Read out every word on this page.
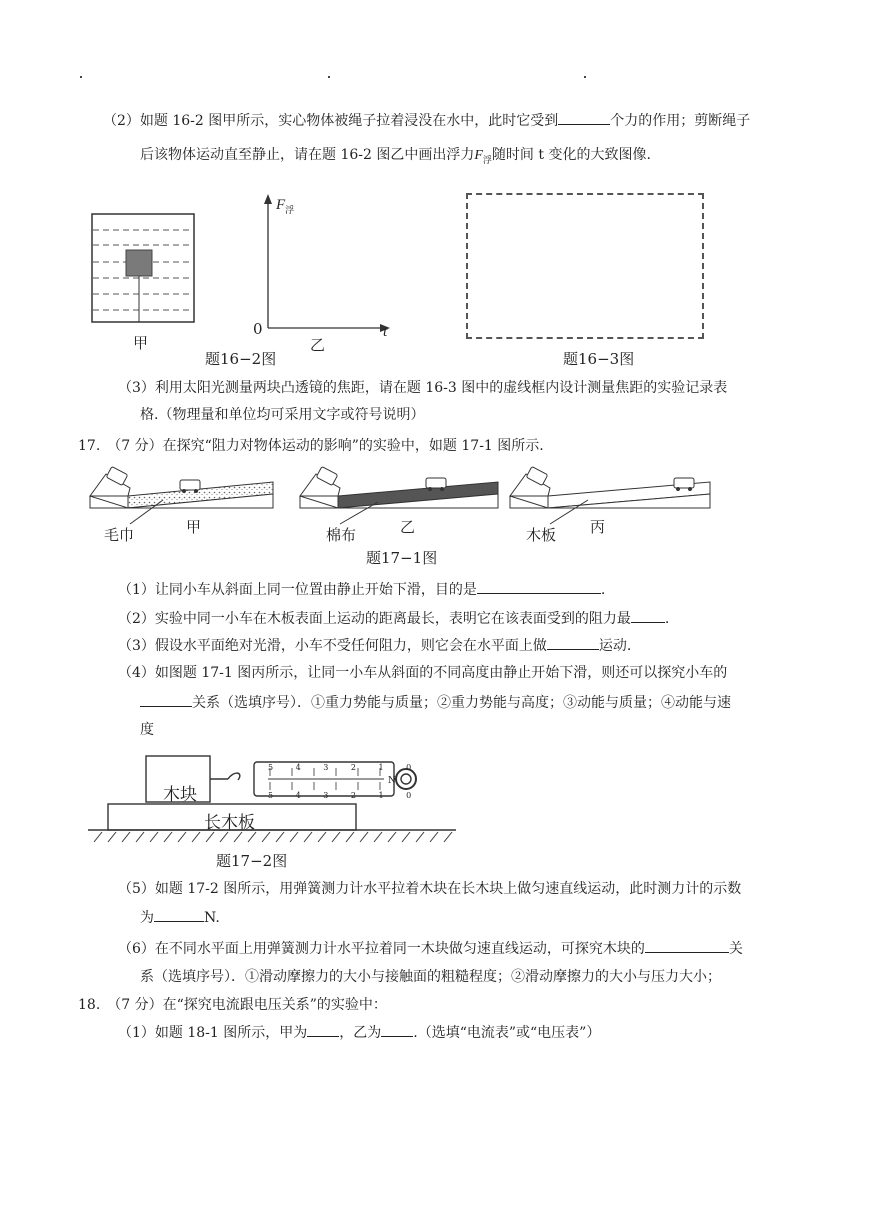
（2）如题 16-2 图甲所示，实心物体被绳子拉着浸没在水中，此时它受到	个力的作用；剪断绳子
后该物体运动直至静止，请在题 16-2 图乙中画出浮力$F_浮$随时间 t 变化的大致图像.
甲
$F_浮$
t
0
乙
题16−2图	题16−3图
（3）利用太阳光测量两块凸透镜的焦距，请在题 16-3 图中的虚线框内设计测量焦距的实验记录表
格.（物理量和单位均可采用文字或符号说明）
17.　（7 分）在探究“阻力对物体运动的影响”的实验中，如题 17-1 图所示.
毛巾	甲	棉布	乙	木板 丙
题17−1图
（1）让同小车从斜面上同一位置由静止开始下滑，目的是	.
（2）实验中同一小车在木板表面上运动的距离最长，表明它在该表面受到的阻力最 .
（3）假设水平面绝对光滑，小车不受任何阻力，则它会在水平面上做	运动.
（4）如图题 17-1 图丙所示，让同一小车从斜面的不同高度由静止开始下滑，则还可以探究小车的
关系（选填序号）．①重力势能与质量；②重力势能与高度；③动能与质量；④动能与速
度
木块
长木板
5 4 3 2 1 0
5 4 3 2 1 0
N
题17−2图
（5）如题 17-2 图所示，用弹簧测力计水平拉着木块在长木块上做匀速直线运动，此时测力计的示数
为	N.
（6）在不同水平面上用弹簧测力计水平拉着同一木块做匀速直线运动，可探究木块的	关
系（选填序号）．①滑动摩擦力的大小与接触面的粗糙程度；②滑动摩擦力的大小与压力大小；
18.　（7 分）在“探究电流跟电压关系”的实验中：
（1）如题 18-1 图所示，甲为 ，乙为 .（选填“电流表”或“电压表”）
